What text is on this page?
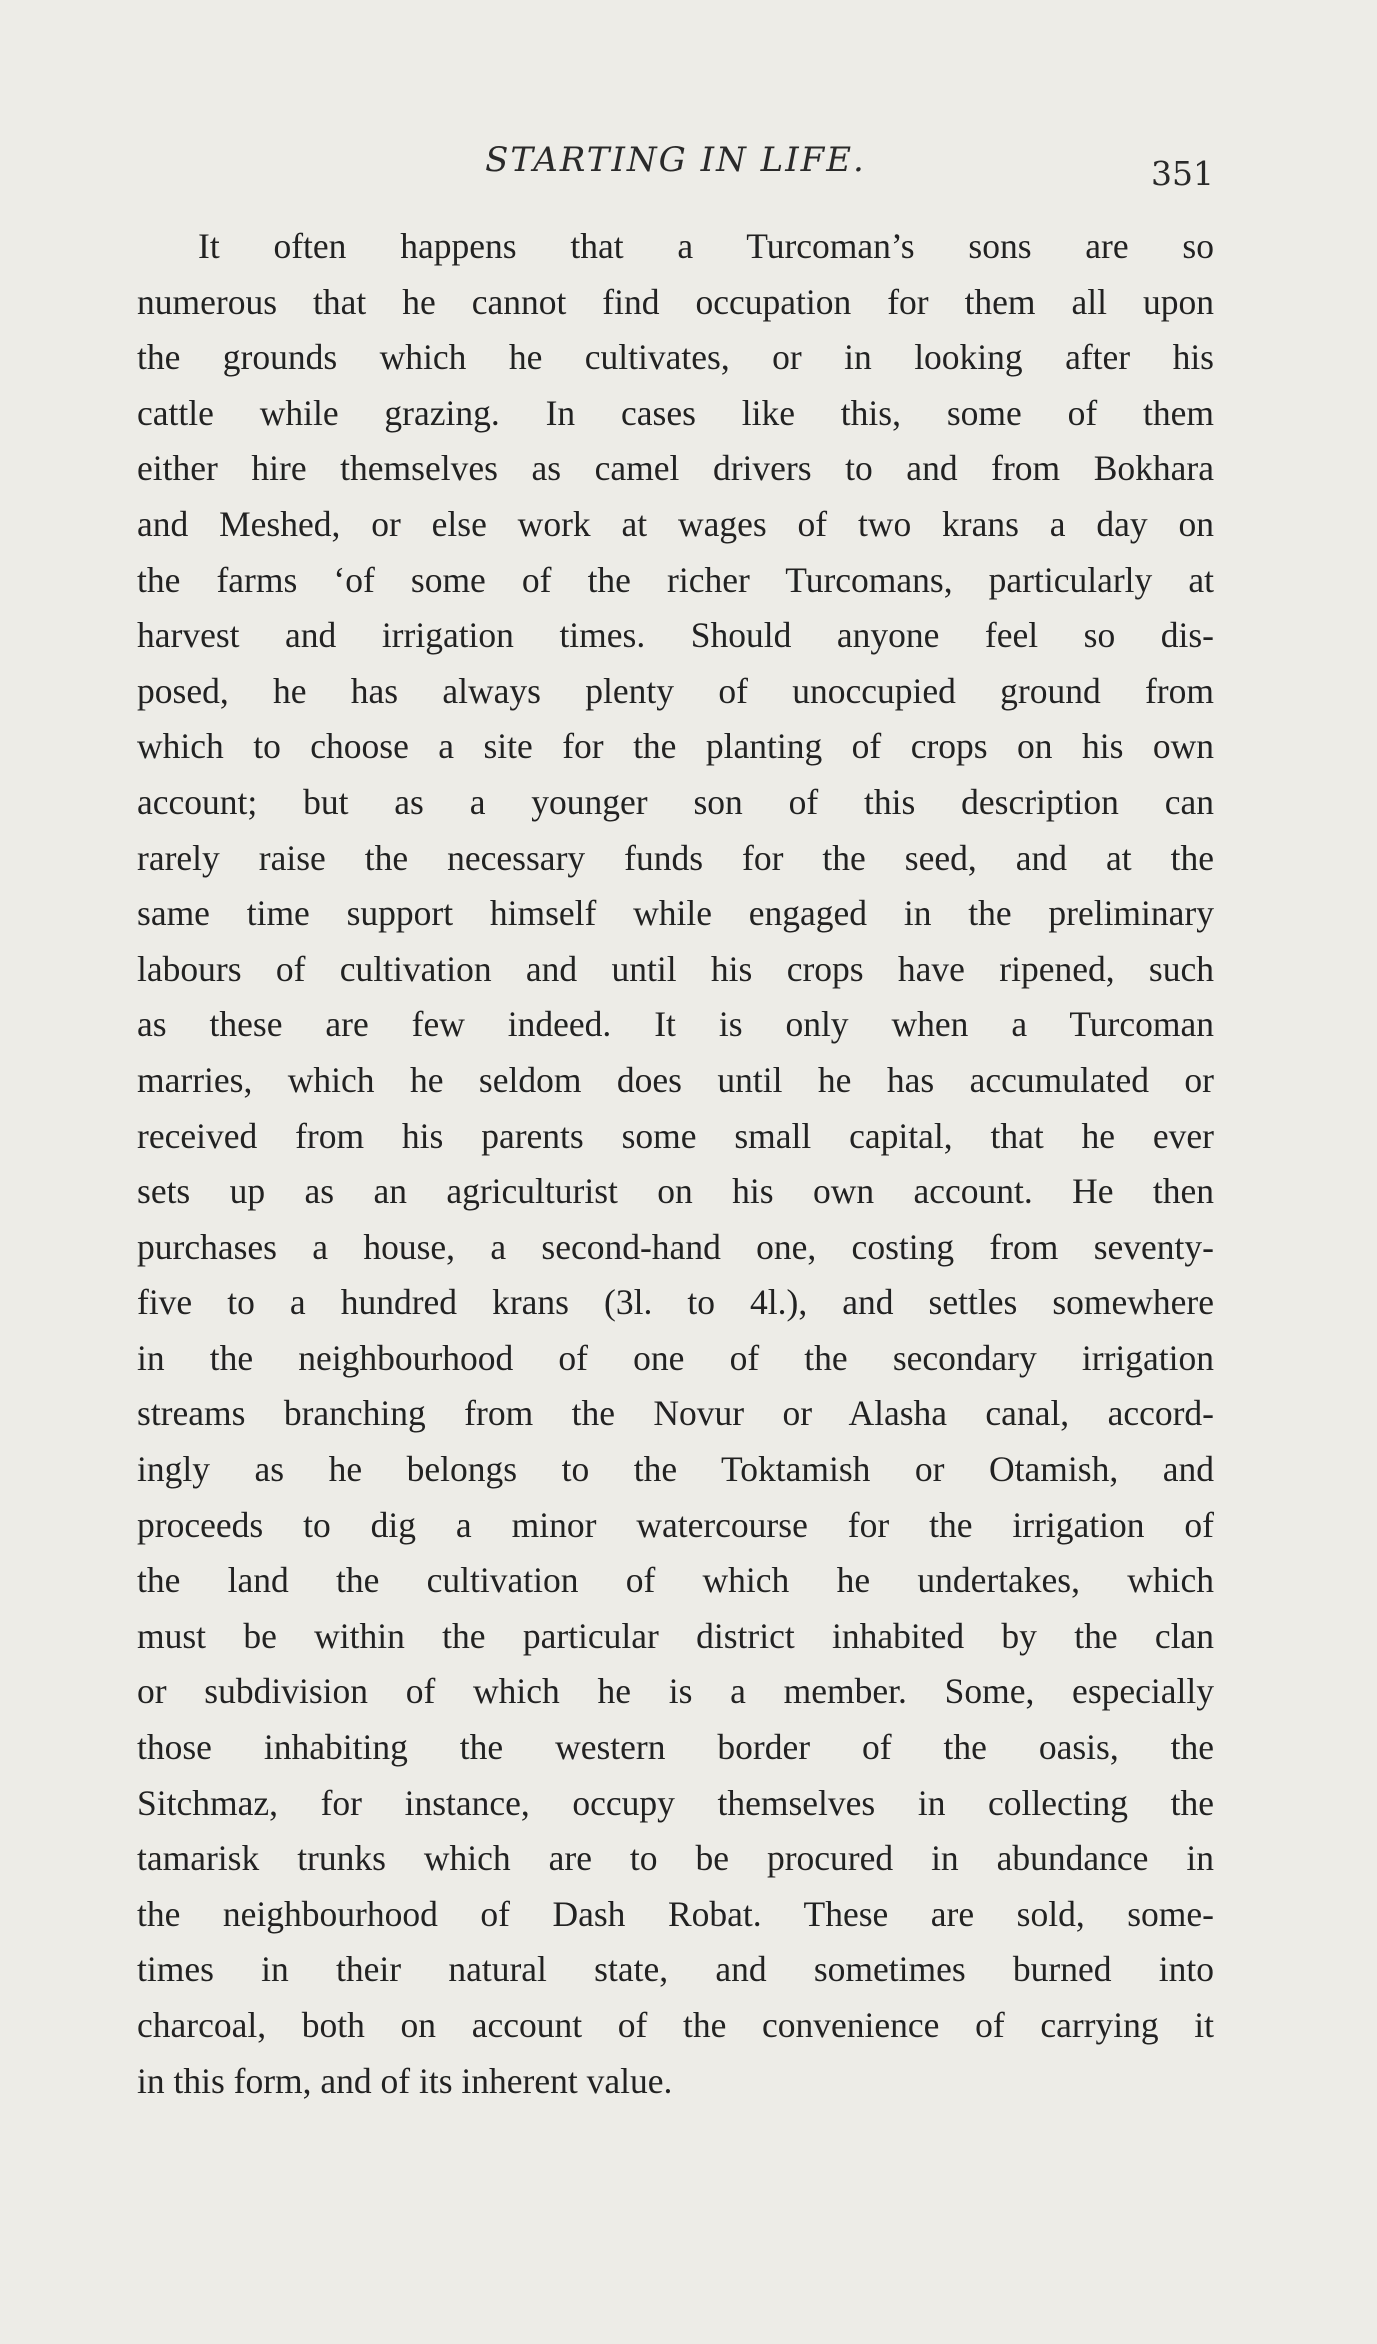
STARTING IN LIFE.	351
It often happens that a Turcoman’s sons are so
numerous that he cannot find occupation for them all upon
the grounds which he cultivates, or in looking after his
cattle while grazing. In cases like this, some of them
either hire themselves as camel drivers to and from Bokhara
and Meshed, or else work at wages of two krans a day on
the farms ‘of some of the richer Turcomans, particularly at
harvest and irrigation times. Should anyone feel so dis-
posed, he has always plenty of unoccupied ground from
which to choose a site for the planting of crops on his own
account; but as a younger son of this description can
rarely raise the necessary funds for the seed, and at the
same time support himself while engaged in the preliminary
labours of cultivation and until his crops have ripened, such
as these are few indeed. It is only when a Turcoman
marries, which he seldom does until he has accumulated or
received from his parents some small capital, that he ever
sets up as an agriculturist on his own account. He then
purchases a house, a second-hand one, costing from seventy-
five to a hundred krans (3l. to 4l.), and settles somewhere
in the neighbourhood of one of the secondary irrigation
streams branching from the Novur or Alasha canal, accord-
ingly as he belongs to the Toktamish or Otamish, and
proceeds to dig a minor watercourse for the irrigation of
the land the cultivation of which he undertakes, which
must be within the particular district inhabited by the clan
or subdivision of which he is a member. Some, especially
those inhabiting the western border of the oasis, the
Sitchmaz, for instance, occupy themselves in collecting the
tamarisk trunks which are to be procured in abundance in
the neighbourhood of Dash Robat. These are sold, some-
times in their natural state, and sometimes burned into
charcoal, both on account of the convenience of carrying it
in this form, and of its inherent value.
